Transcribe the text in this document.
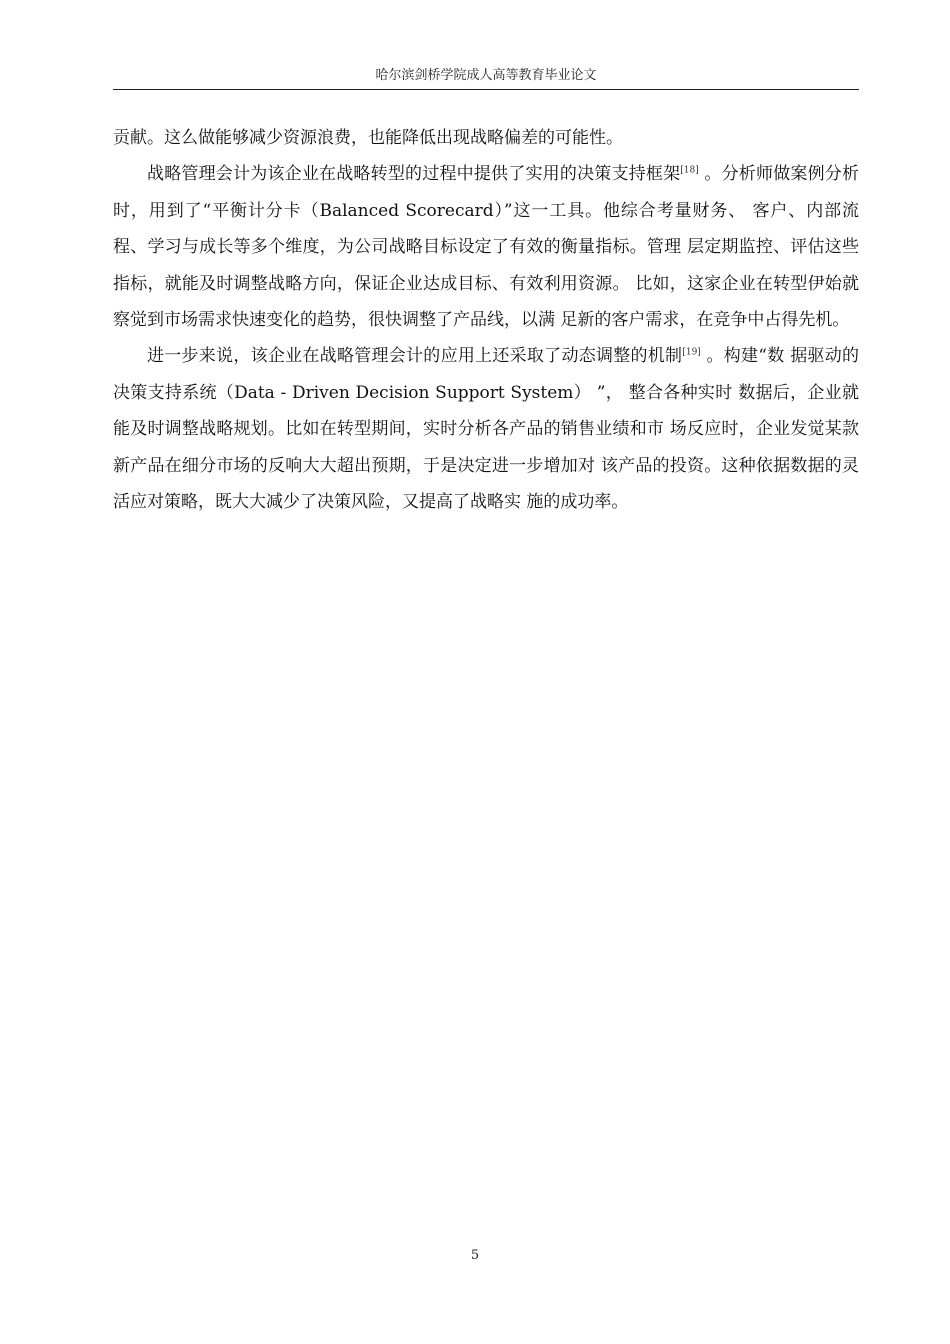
哈尔滨剑桥学院成人高等教育毕业论文

贡献。这么做能够减少资源浪费，也能降低出现战略偏差的可能性。

战略管理会计为该企业在战略转型的过程中提供了实用的决策支持框架[18] 。分析师做案例分析时，用到了“平衡计分卡（Balanced Scorecard）”这一工具。他综合考量财务、 客户、内部流程、学习与成长等多个维度，为公司战略目标设定了有效的衡量指标。管理 层定期监控、评估这些指标，就能及时调整战略方向，保证企业达成目标、有效利用资源。 比如，这家企业在转型伊始就察觉到市场需求快速变化的趋势，很快调整了产品线，以满 足新的客户需求，在竞争中占得先机。

进一步来说，该企业在战略管理会计的应用上还采取了动态调整的机制[19] 。构建“数 据驱动的决策支持系统（Data - Driven Decision Support System） ”， 整合各种实时 数据后，企业就能及时调整战略规划。比如在转型期间，实时分析各产品的销售业绩和市 场反应时，企业发觉某款新产品在细分市场的反响大大超出预期，于是决定进一步增加对 该产品的投资。这种依据数据的灵活应对策略，既大大减少了决策风险，又提高了战略实 施的成功率。

5
